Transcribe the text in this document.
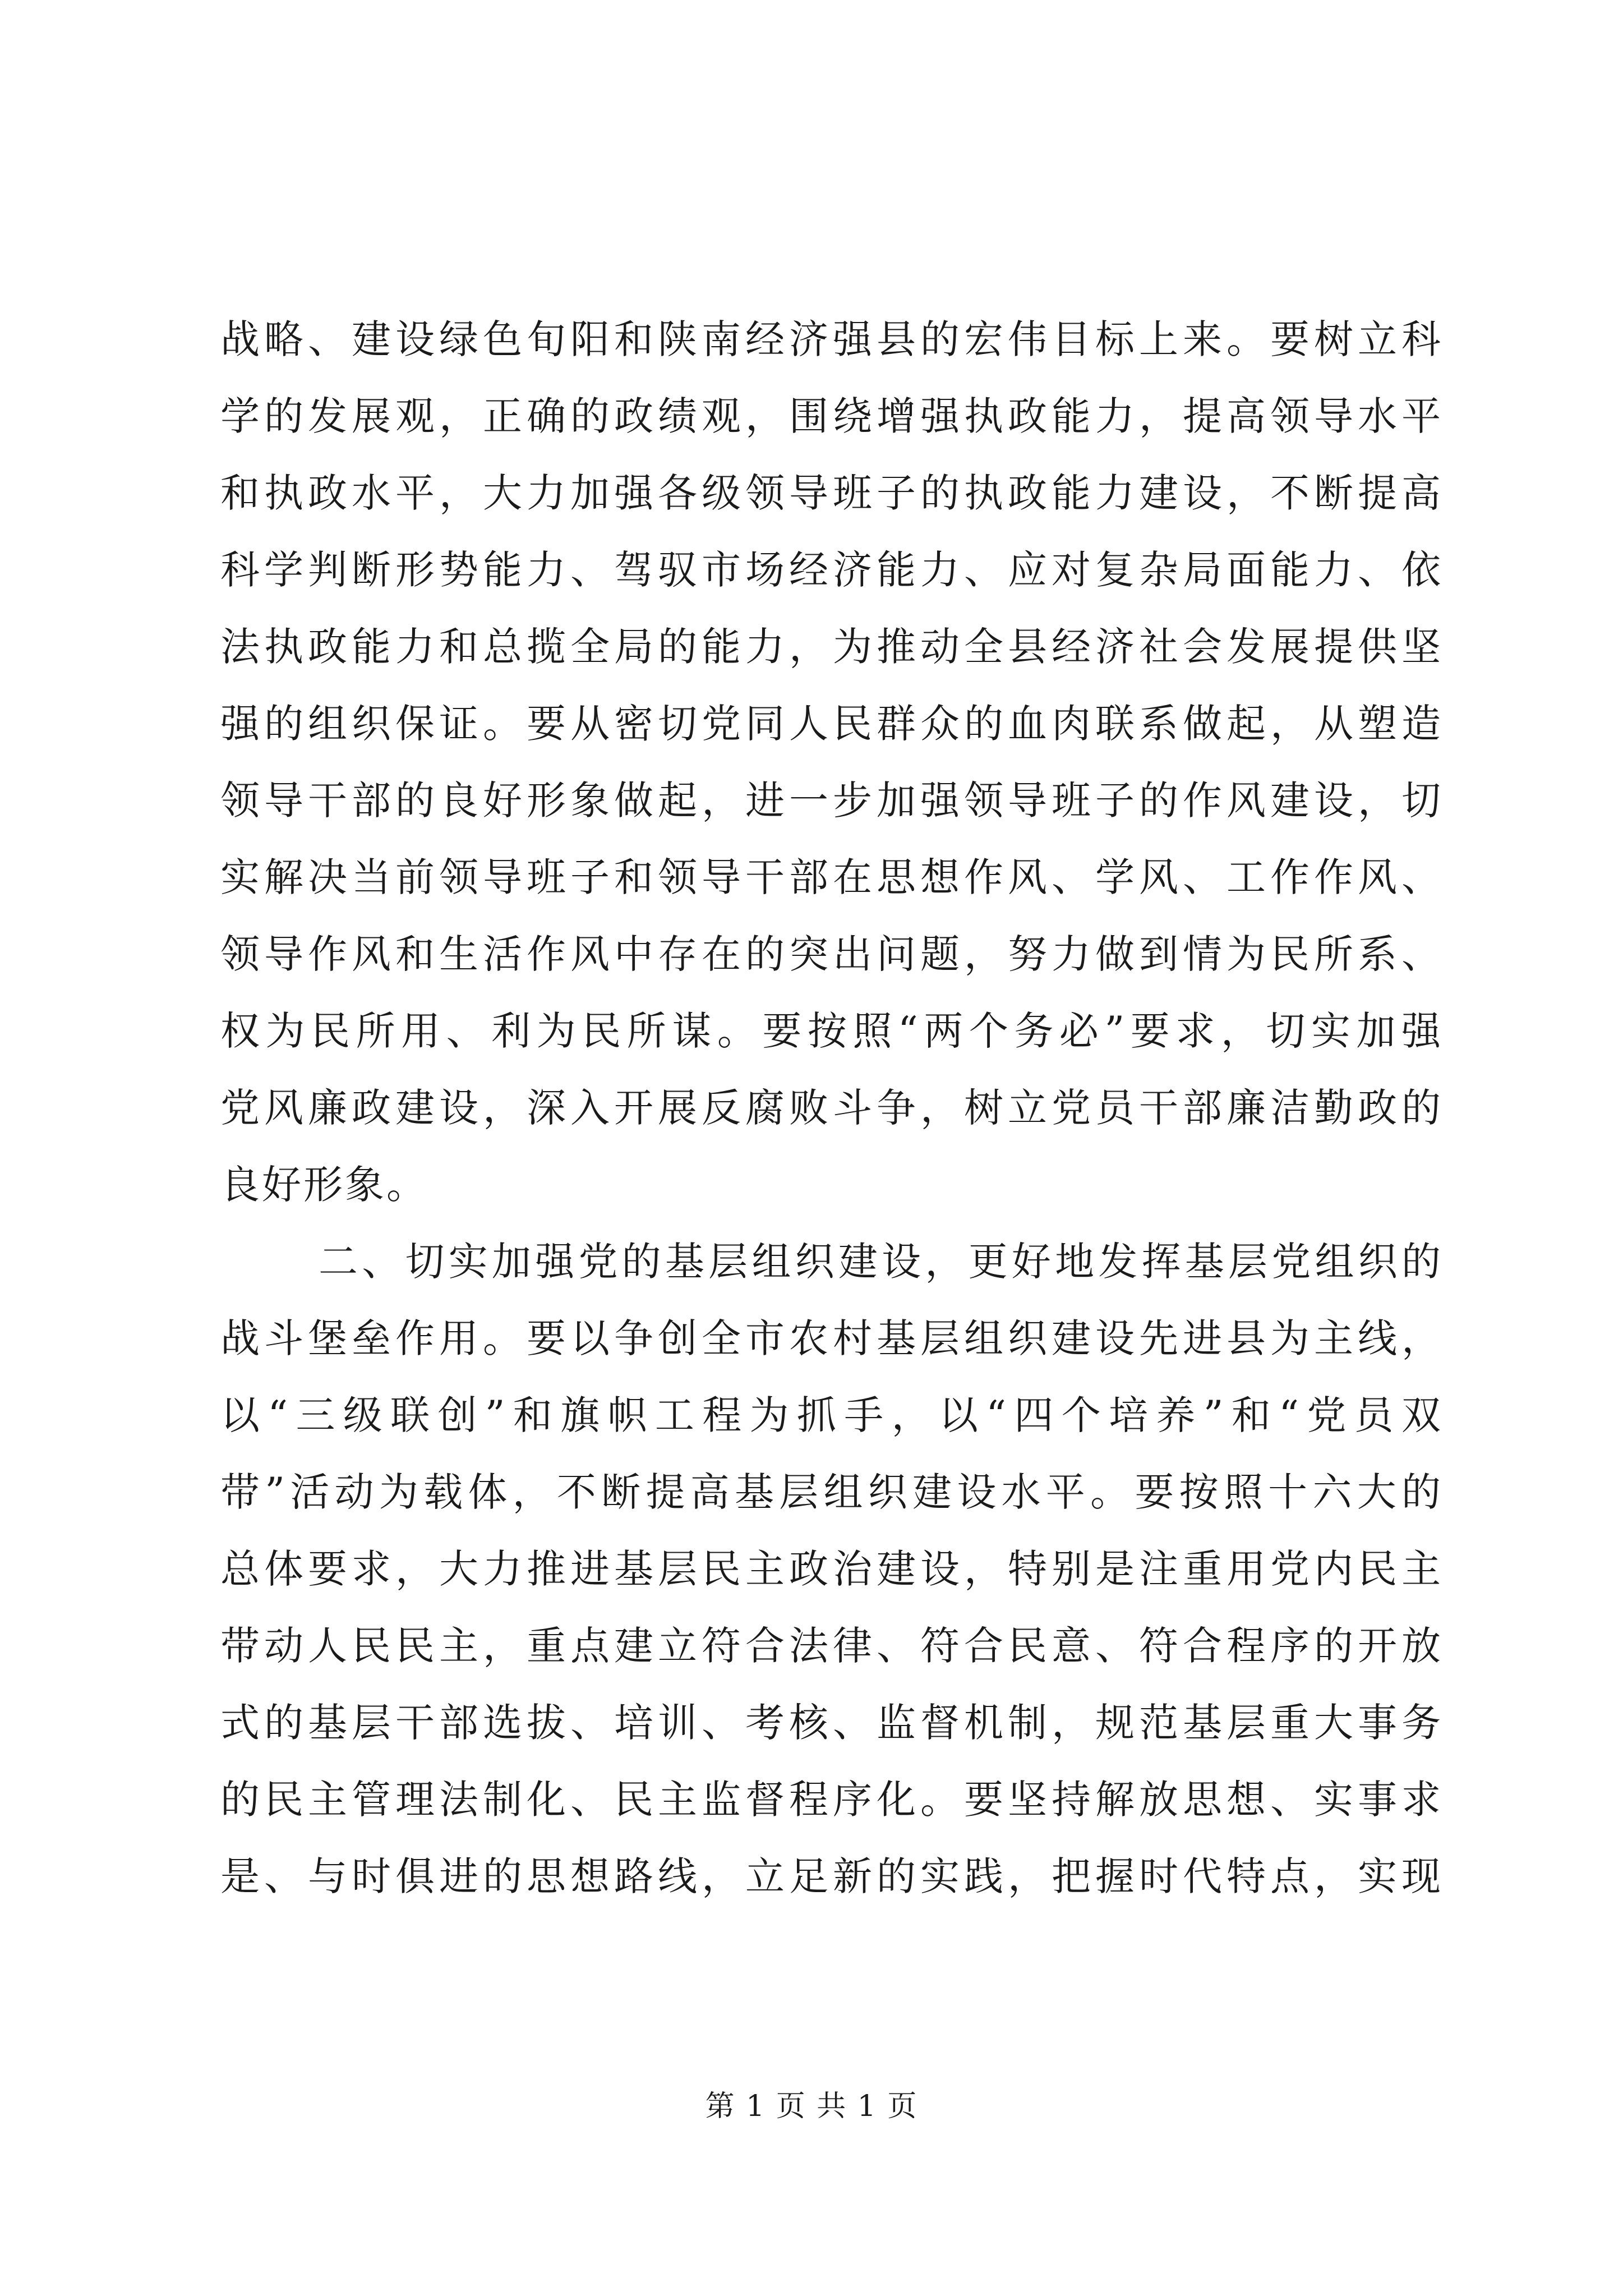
战略、建设绿色旬阳和陕南经济强县的宏伟目标上来。要树立科
学的发展观，正确的政绩观，围绕增强执政能力，提高领导水平
和执政水平，大力加强各级领导班子的执政能力建设，不断提高
科学判断形势能力、驾驭市场经济能力、应对复杂局面能力、依
法执政能力和总揽全局的能力，为推动全县经济社会发展提供坚
强的组织保证。要从密切党同人民群众的血肉联系做起，从塑造
领导干部的良好形象做起，进一步加强领导班子的作风建设，切
实解决当前领导班子和领导干部在思想作风、学风、工作作风、
领导作风和生活作风中存在的突出问题，努力做到情为民所系、
权为民所用、利为民所谋。要按照“两个务必”要求，切实加强
党风廉政建设，深入开展反腐败斗争，树立党员干部廉洁勤政的
良好形象。
二、切实加强党的基层组织建设，更好地发挥基层党组织的
战斗堡垒作用。要以争创全市农村基层组织建设先进县为主线，
以“三级联创”和旗帜工程为抓手，以“四个培养”和“党员双
带”活动为载体，不断提高基层组织建设水平。要按照十六大的
总体要求，大力推进基层民主政治建设，特别是注重用党内民主
带动人民民主，重点建立符合法律、符合民意、符合程序的开放
式的基层干部选拔、培训、考核、监督机制，规范基层重大事务
的民主管理法制化、民主监督程序化。要坚持解放思想、实事求
是、与时俱进的思想路线，立足新的实践，把握时代特点，实现
第 1 页 共 1 页
